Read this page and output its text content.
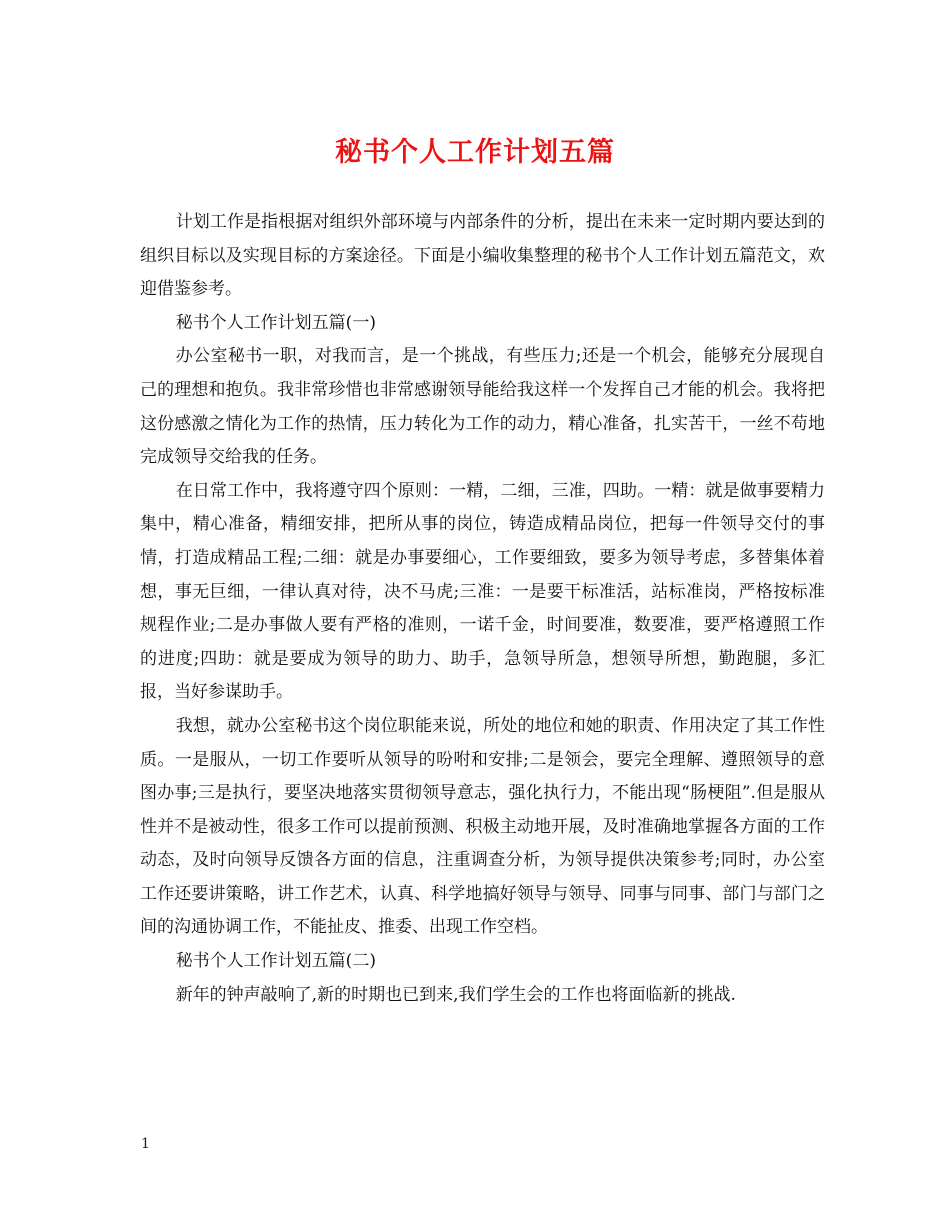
秘书个人工作计划五篇

计划工作是指根据对组织外部环境与内部条件的分析，提出在未来一定时期内要达到的组织目标以及实现目标的方案途径。下面是小编收集整理的秘书个人工作计划五篇范文，欢迎借鉴参考。

秘书个人工作计划五篇(一)

办公室秘书一职，对我而言，是一个挑战，有些压力;还是一个机会，能够充分展现自己的理想和抱负。我非常珍惜也非常感谢领导能给我这样一个发挥自己才能的机会。我将把这份感激之情化为工作的热情，压力转化为工作的动力，精心准备，扎实苦干，一丝不苟地完成领导交给我的任务。

在日常工作中，我将遵守四个原则：一精，二细，三准，四助。一精：就是做事要精力集中，精心准备，精细安排，把所从事的岗位，铸造成精品岗位，把每一件领导交付的事情，打造成精品工程;二细：就是办事要细心，工作要细致，要多为领导考虑，多替集体着想，事无巨细，一律认真对待，决不马虎;三准：一是要干标准活，站标准岗，严格按标准规程作业;二是办事做人要有严格的准则，一诺千金，时间要准，数要准，要严格遵照工作的进度;四助：就是要成为领导的助力、助手，急领导所急，想领导所想，勤跑腿，多汇报，当好参谋助手。

我想，就办公室秘书这个岗位职能来说，所处的地位和她的职责、作用决定了其工作性质。一是服从，一切工作要听从领导的吩咐和安排;二是领会，要完全理解、遵照领导的意图办事;三是执行，要坚决地落实贯彻领导意志，强化执行力，不能出现“肠梗阻”.但是服从性并不是被动性，很多工作可以提前预测、积极主动地开展，及时准确地掌握各方面的工作动态，及时向领导反馈各方面的信息，注重调查分析，为领导提供决策参考;同时，办公室工作还要讲策略，讲工作艺术，认真、科学地搞好领导与领导、同事与同事、部门与部门之间的沟通协调工作，不能扯皮、推委、出现工作空档。

秘书个人工作计划五篇(二)

新年的钟声敲响了,新的时期也已到来,我们学生会的工作也将面临新的挑战.

1
